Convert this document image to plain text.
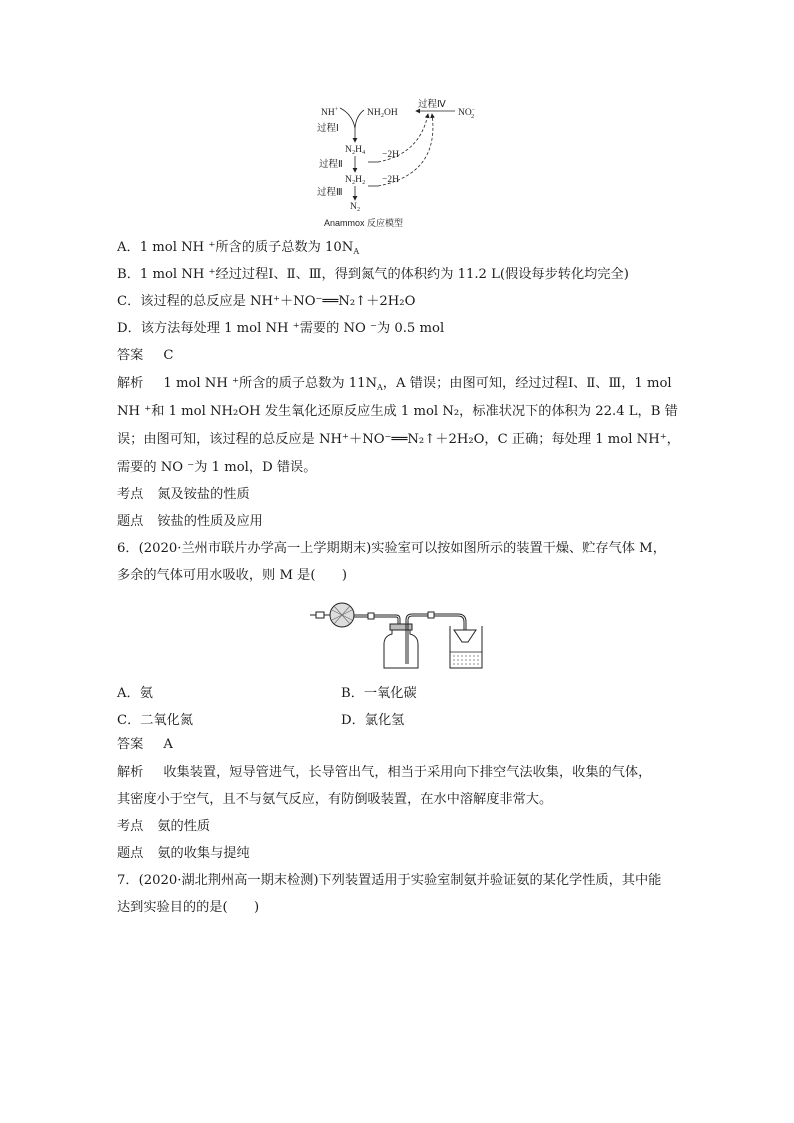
NH+	NH₂OH
过程Ⅳ
NO− 2
过程Ⅰ
N₂H₄
过程Ⅱ
−2H
N₂H₂ −2H
过程Ⅲ
N₂
Anammox 反应模型
A．1 mol NH ⁺所含的质子总数为 $10N_A$
B．1 mol NH ⁺经过过程Ⅰ、Ⅱ、Ⅲ，得到氮气的体积约为 11.2 L(假设每步转化均完全)
C．该过程的总反应是 NH⁺＋NO⁻══N₂↑＋2H₂O
D．该方法每处理 1 mol NH ⁺需要的 NO ⁻为 0.5 mol
答案 C
解析 1 mol NH ⁺所含的质子总数为 $11N_A$，A 错误；由图可知，经过过程Ⅰ、Ⅱ、Ⅲ，1 mol
NH ⁺和 1 mol NH₂OH 发生氧化还原反应生成 1 mol N₂，标准状况下的体积为 22.4 L，B 错
误；由图可知，该过程的总反应是 NH⁺＋NO⁻══N₂↑＋2H₂O，C 正确；每处理 1 mol NH⁺，
需要的 NO ⁻为 1 mol，D 错误。
考点 氮及铵盐的性质
题点 铵盐的性质及应用
6．(2020·兰州市联片办学高一上学期期末)实验室可以按如图所示的装置干燥、贮存气体 M，
多余的气体可用水吸收，则 M 是(　　)
A．氨	B．一氧化碳
C．二氧化氮	D．氯化氢
答案 A
解析 收集装置，短导管进气，长导管出气，相当于采用向下排空气法收集，收集的气体，
其密度小于空气，且不与氨气反应，有防倒吸装置，在水中溶解度非常大。
考点 氨的性质
题点 氨的收集与提纯
7．(2020·湖北荆州高一期末检测)下列装置适用于实验室制氨并验证氨的某化学性质，其中能
达到实验目的的是(　　)
